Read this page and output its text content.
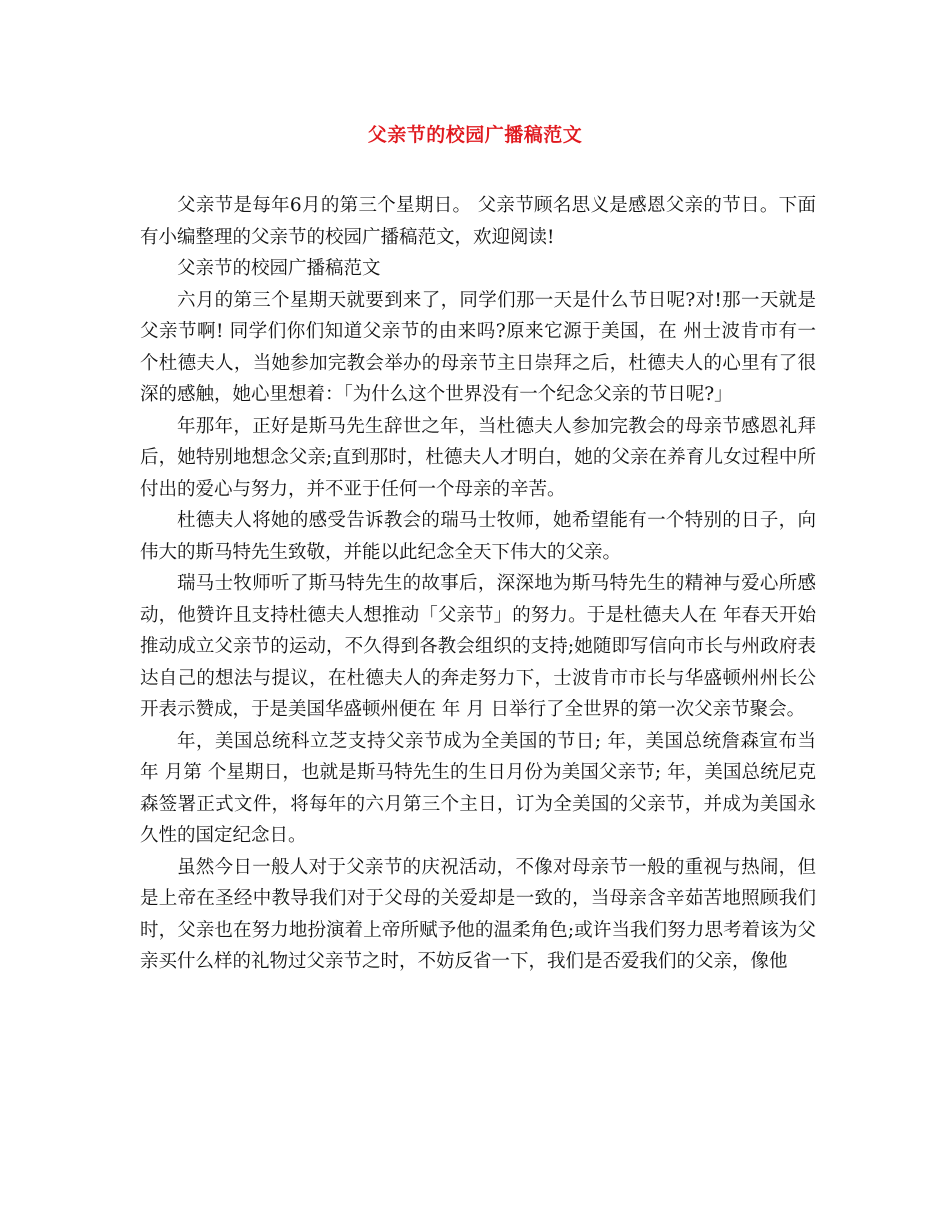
父亲节的校园广播稿范文

父亲节是每年6月的第三个星期日。 父亲节顾名思义是感恩父亲的节日。下面有小编整理的父亲节的校园广播稿范文，欢迎阅读!

父亲节的校园广播稿范文

六月的第三个星期天就要到来了，同学们那一天是什么节日呢?对!那一天就是父亲节啊! 同学们你们知道父亲节的由来吗?原来它源于美国，在 州士波肯市有一个杜德夫人，当她参加完教会举办的母亲节主日崇拜之后，杜德夫人的心里有了很深的感触，她心里想着：「为什么这个世界没有一个纪念父亲的节日呢?」

年那年，正好是斯马先生辞世之年，当杜德夫人参加完教会的母亲节感恩礼拜后，她特别地想念父亲;直到那时，杜德夫人才明白，她的父亲在养育儿女过程中所付出的爱心与努力，并不亚于任何一个母亲的辛苦。

杜德夫人将她的感受告诉教会的瑞马士牧师，她希望能有一个特别的日子，向伟大的斯马特先生致敬，并能以此纪念全天下伟大的父亲。

瑞马士牧师听了斯马特先生的故事后，深深地为斯马特先生的精神与爱心所感动，他赞许且支持杜德夫人想推动「父亲节」的努力。于是杜德夫人在 年春天开始推动成立父亲节的运动，不久得到各教会组织的支持;她随即写信向市长与州政府表达自己的想法与提议，在杜德夫人的奔走努力下，士波肯市市长与华盛顿州州长公开表示赞成，于是美国华盛顿州便在 年 月 日举行了全世界的第一次父亲节聚会。

年，美国总统科立芝支持父亲节成为全美国的节日; 年，美国总统詹森宣布当年 月第 个星期日，也就是斯马特先生的生日月份为美国父亲节; 年，美国总统尼克森签署正式文件，将每年的六月第三个主日，订为全美国的父亲节，并成为美国永久性的国定纪念日。

虽然今日一般人对于父亲节的庆祝活动，不像对母亲节一般的重视与热闹，但是上帝在圣经中教导我们对于父母的关爱却是一致的，当母亲含辛茹苦地照顾我们时，父亲也在努力地扮演着上帝所赋予他的温柔角色;或许当我们努力思考着该为父亲买什么样的礼物过父亲节之时，不妨反省一下，我们是否爱我们的父亲，像他
